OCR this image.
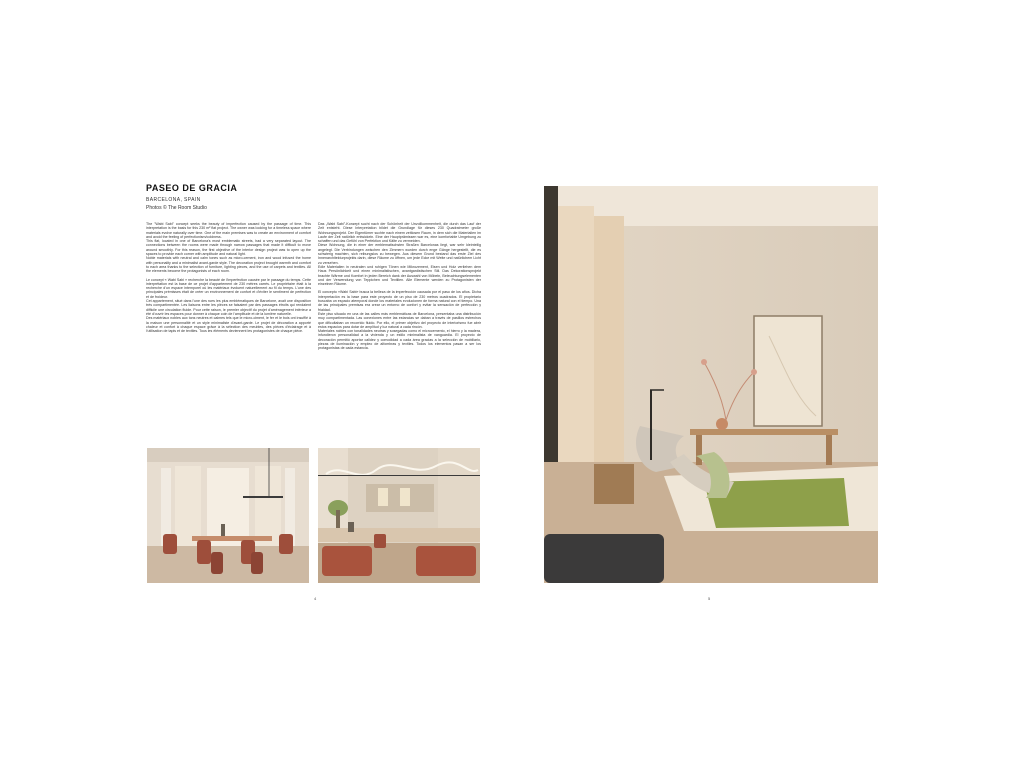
PASEO DE GRACIA
BARCELONA, SPAIN
Photos © The Room Studio

The "Wabi Sabi" concept seeks the beauty of imperfection caused by the passage of time. This interpretation is the basis for this 230 m² flat project. The owner was looking for a timeless space where materials evolve naturally over time. One of the main premises was to create an environment of comfort and avoid the feeling of perfectionism/coldness.
This flat, located in one of Barcelona's most emblematic streets, had a very separated layout. The connections between the rooms were made through narrow passages that made it difficult to move around smoothly. For this reason, the first objective of the interior design project was to open up the spaces to provide each corner with amplitude and natural light.
Noble materials with neutral and calm tones such as micro-cement, iron and wood infused the home with personality and a minimalist avant-garde style. The decoration project brought warmth and comfort to each area thanks to the selection of furniture, lighting pieces, and the use of carpets and textiles. All the elements become the protagonists of each room.

Le concept « Wabi Sabi » recherche la beauté de l'imperfection causée par le passage du temps. Cette interprétation est la base de ce projet d'appartement de 230 mètres carrés. Le propriétaire était à la recherche d'un espace intemporel où les matériaux évoluent naturellement au fil du temps. L'une des principales prémisses était de créer un environnement de confort et d'éviter le sentiment de perfection et de froideur.
Cet appartement, situé dans l'une des rues les plus emblématiques de Barcelone, avait une disposition très compartimentée. Les liaisons entre les pièces se faisaient par des passages étroits qui rendaient difficile une circulation fluide. Pour cette raison, le premier objectif du projet d'aménagement intérieur a été d'ouvrir les espaces pour donner à chaque coin de l'amplitude et de la lumière naturelle.
Des matériaux nobles aux tons neutres et calmes tels que le micro-ciment, le fer et le bois ont insufflé à la maison une personnalité et un style minimaliste d'avant-garde. Le projet de décoration a apporté chaleur et confort à chaque espace grâce à la sélection des meubles, des pièces d'éclairage et à l'utilisation de tapis et de textiles. Tous les éléments deviennent les protagonistes de chaque pièce.

Das „Wabi Sabi"-Konzept sucht nach der Schönheit der Unvollkommenheit, die durch das Lauf der Zeit entsteht. Diese Interpretation bildet die Grundlage für dieses 230 Quadratmeter große Wohnungsprojekt. Der Eigentümer suchte nach einem zeitlosen Raum, in dem sich die Materialien im Laufe der Zeit natürlich entwickeln. Eine der Hauptprämissen war es, eine komfortable Umgebung zu schaffen und das Gefühl von Perfektion und Kälte zu vermeiden.
Diese Wohnung, die in einer der emblematischsten Straßen Barcelonas liegt, war sehr kleinteilig angelegt. Die Verbindungen zwischen den Zimmern wurden durch enge Gänge hergestellt, die es schwierig machten, sich reibungslos zu bewegen. Aus diesem Grund bestand das erste Ziel des Innenarchitekturprojekts darin, diese Räume zu öffnen, um jede Ecke mit Weite und natürlichem Licht zu versehen.
Edle Materialien in neutralen und ruhigen Tönen wie Mikrozement, Eisen und Holz verliehen dem Haus Persönlichkeit und einen minimalistischen, avantgardistischen Stil. Das Dekorationsprojekt brachte Wärme und Komfort in jeden Bereich dank der Auswahl von Möbeln, Beleuchtungselementen und der Verwendung von Teppichen und Textilien. Alle Elemente werden zu Protagonisten der einzelnen Räume.

El concepto «Wabi Sabi» busca la belleza de la imperfección causada por el paso de los años. Dicha interpretación es la base para este proyecto de un piso de 230 metros cuadrados. El propietario buscaba un espacio atemporal donde los materiales evolucionen de forma natural con el tiempo. Una de las principales premisas era crear un entorno de confort y evitar la sensación de perfección y frialdad.
Este piso situado en una de las calles más emblemáticas de Barcelona, presentaba una distribución muy compartimentada. Las conexiones entre las estancias se daban a través de pasillos estrechos que dificultaban un recorrido fluido. Por ello, el primer objetivo del proyecto de interiorismo fue abrir estos espacios para dotar de amplitud y luz natural a cada rincón.
Materiales nobles con tonalidades neutras y sosegadas como el microcemento, el hierro y la madera, infundieron personalidad a la vivienda y un estilo minimalista de vanguardia. El proyecto de decoración permitió aportar calidez y comodidad a cada área gracias a la selección de mobiliario, piezas de iluminación y empleo de alfombras y textiles. Todos los elementos pasan a ser los protagonistas de cada estancia.

4	5
